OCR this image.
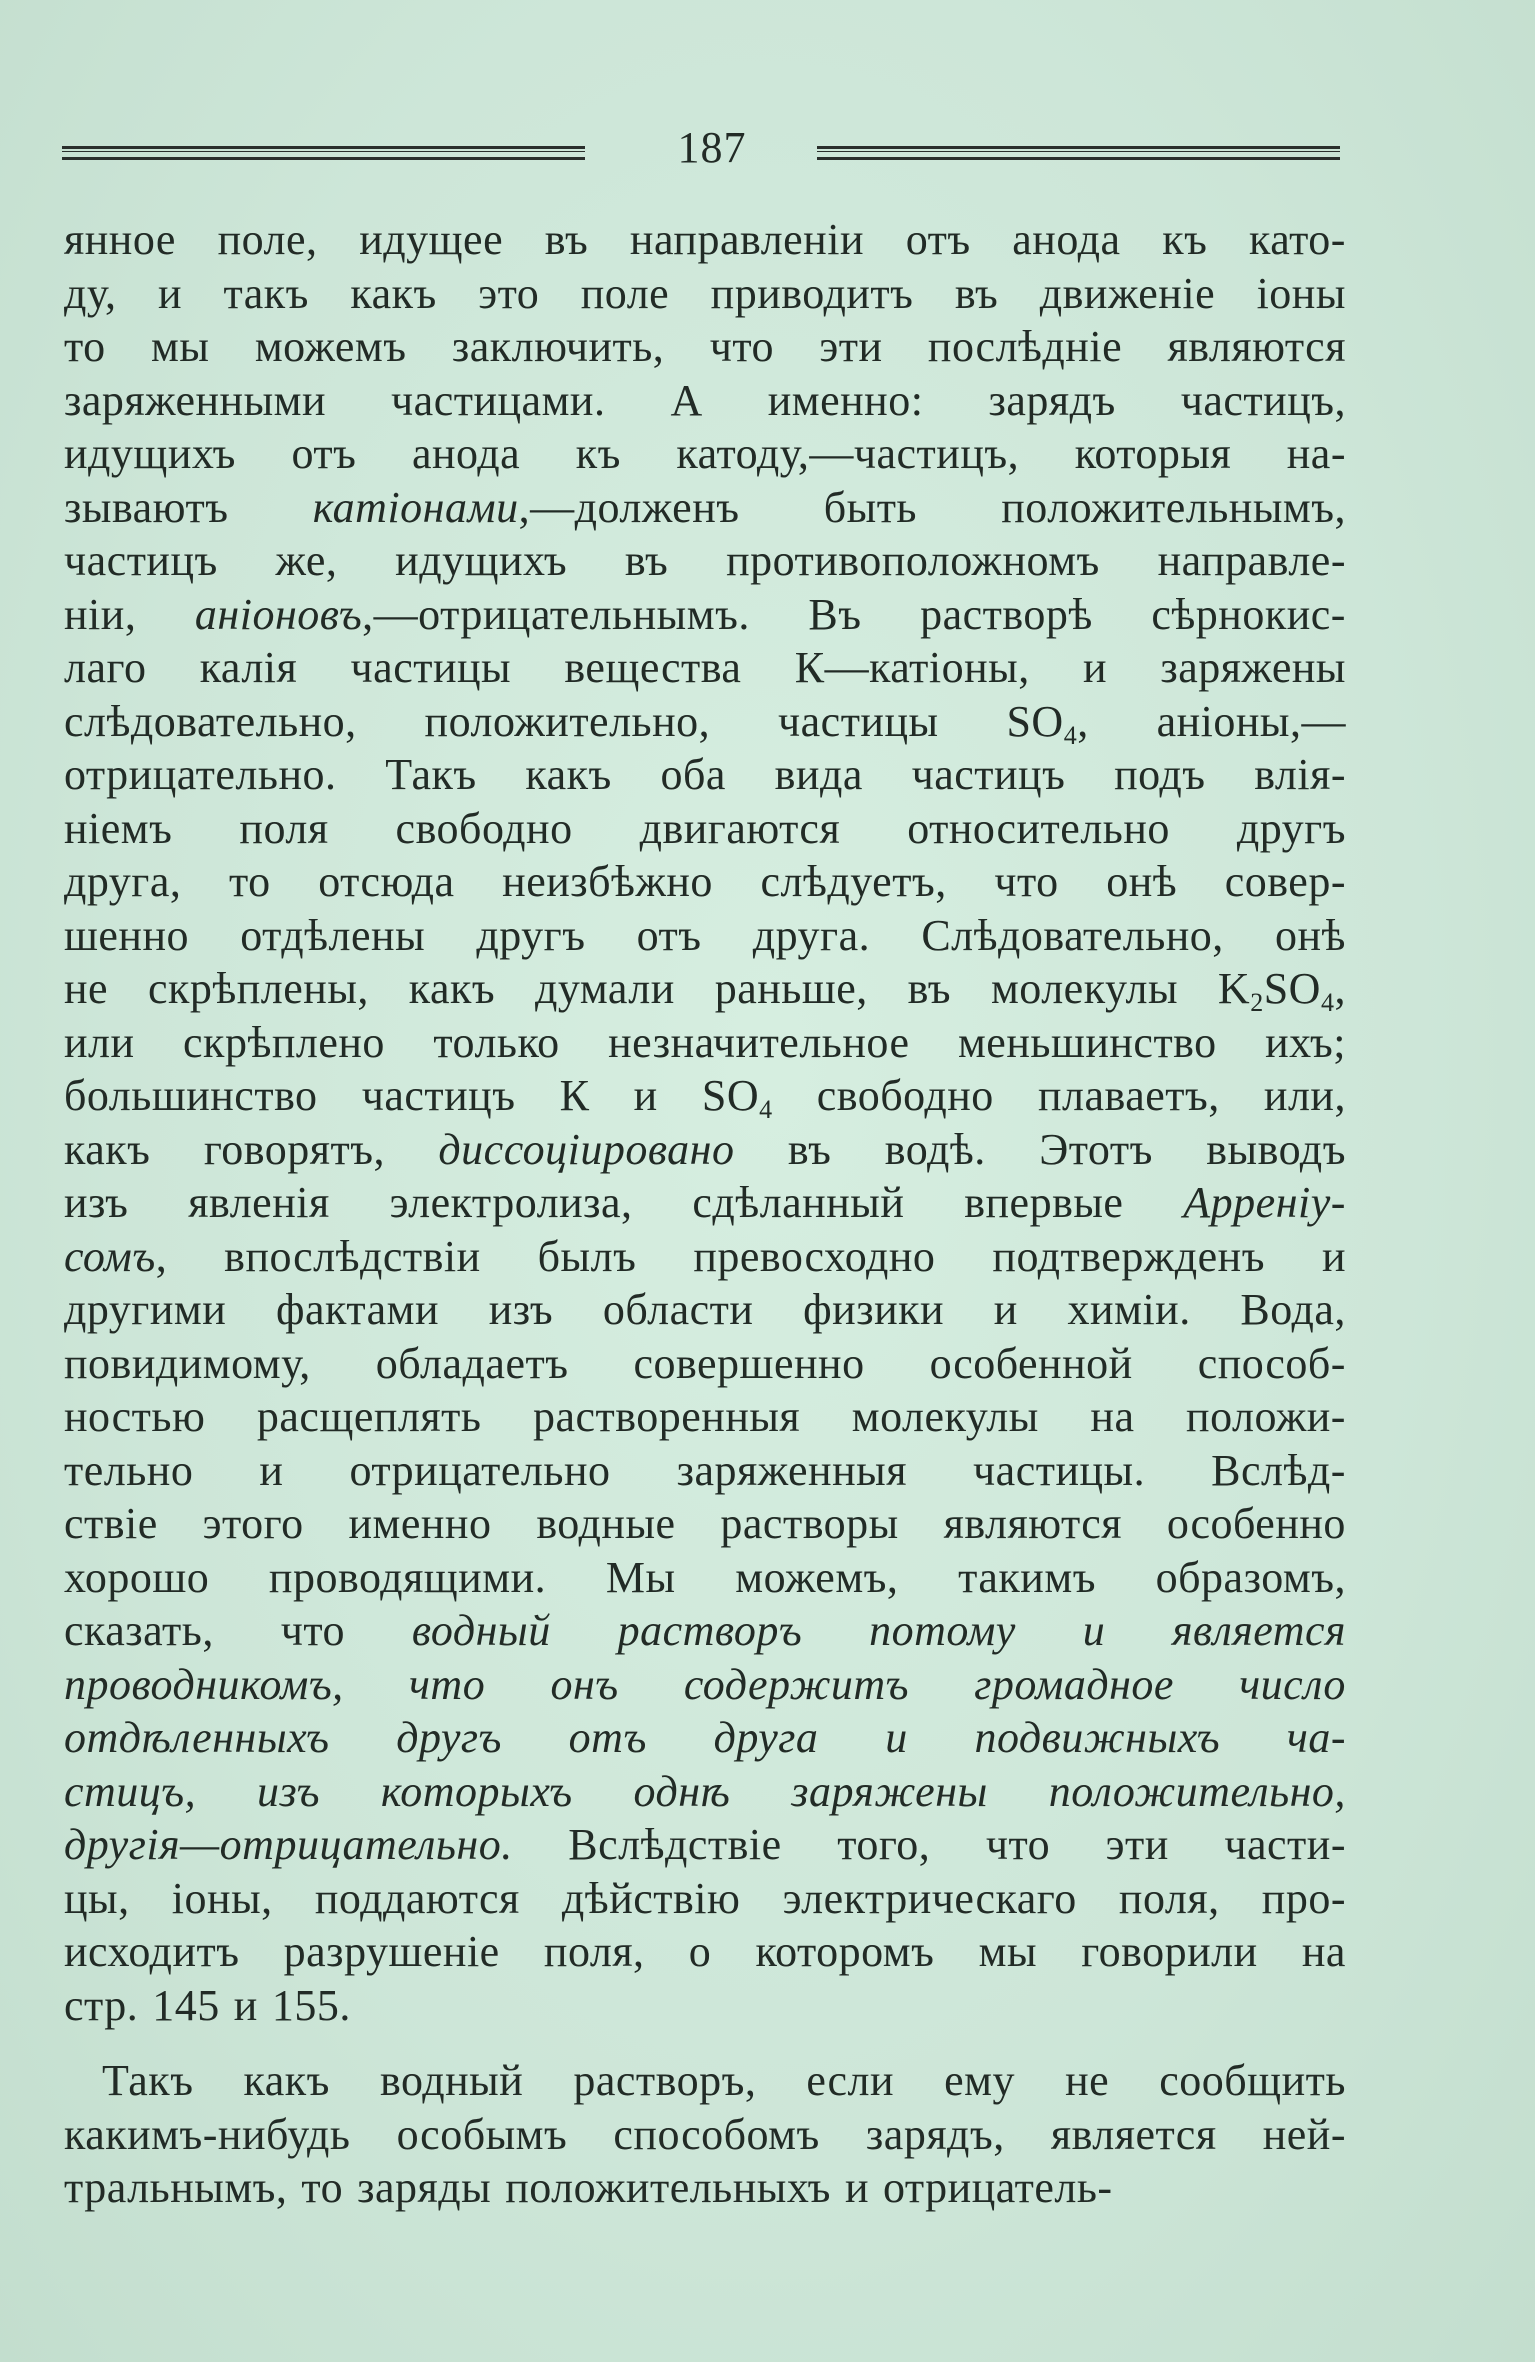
187
янное поле, идущее въ направленіи отъ анода къ като-
ду, и такъ какъ это поле приводитъ въ движеніе іоны
то мы можемъ заключить, что эти послѣдніе являются
заряженными частицами. А именно: зарядъ частицъ,
идущихъ отъ анода къ катоду,—частицъ, которыя на-
зываютъ катіонами,—долженъ быть положительнымъ,
частицъ же, идущихъ въ противоположномъ направле-
ніи, аніоновъ,—отрицательнымъ. Въ растворѣ сѣрнокис-
лаго калія частицы вещества К—катіоны, и заряжены
слѣдовательно, положительно, частицы $SO_4$, аніоны,—
отрицательно. Такъ какъ оба вида частицъ подъ влія-
ніемъ поля свободно двигаются относительно другъ
друга, то отсюда неизбѣжно слѣдуетъ, что онѣ совер-
шенно отдѣлены другъ отъ друга. Слѣдовательно, онѣ
не скрѣплены, какъ думали раньше, въ молекулы $K_2SO_4$,
или скрѣплено только незначительное меньшинство ихъ;
большинство частицъ К и $SO_4$ свободно плаваетъ, или,
какъ говорятъ, диссоціировано въ водѣ. Этотъ выводъ
изъ явленія электролиза, сдѣланный впервые Арреніу-
сомъ, впослѣдствіи былъ превосходно подтвержденъ и
другими фактами изъ области физики и химіи. Вода,
повидимому, обладаетъ совершенно особенной способ-
ностью расщеплять растворенныя молекулы на положи-
тельно и отрицательно заряженныя частицы. Вслѣд-
ствіе этого именно водные растворы являются особенно
хорошо проводящими. Мы можемъ, такимъ образомъ,
сказать, что водный растворъ потому и является
проводникомъ, что онъ содержитъ громадное число
отдѣленныхъ другъ отъ друга и подвижныхъ ча-
стицъ, изъ которыхъ однѣ заряжены положительно,
другія—отрицательно. Вслѣдствіе того, что эти части-
цы, іоны, поддаются дѣйствію электрическаго поля, про-
исходитъ разрушеніе поля, о которомъ мы говорили на
стр. 145 и 155.
Такъ какъ водный растворъ, если ему не сообщить
какимъ-нибудь особымъ способомъ зарядъ, является ней-
тральнымъ, то заряды положительныхъ и отрицатель-
